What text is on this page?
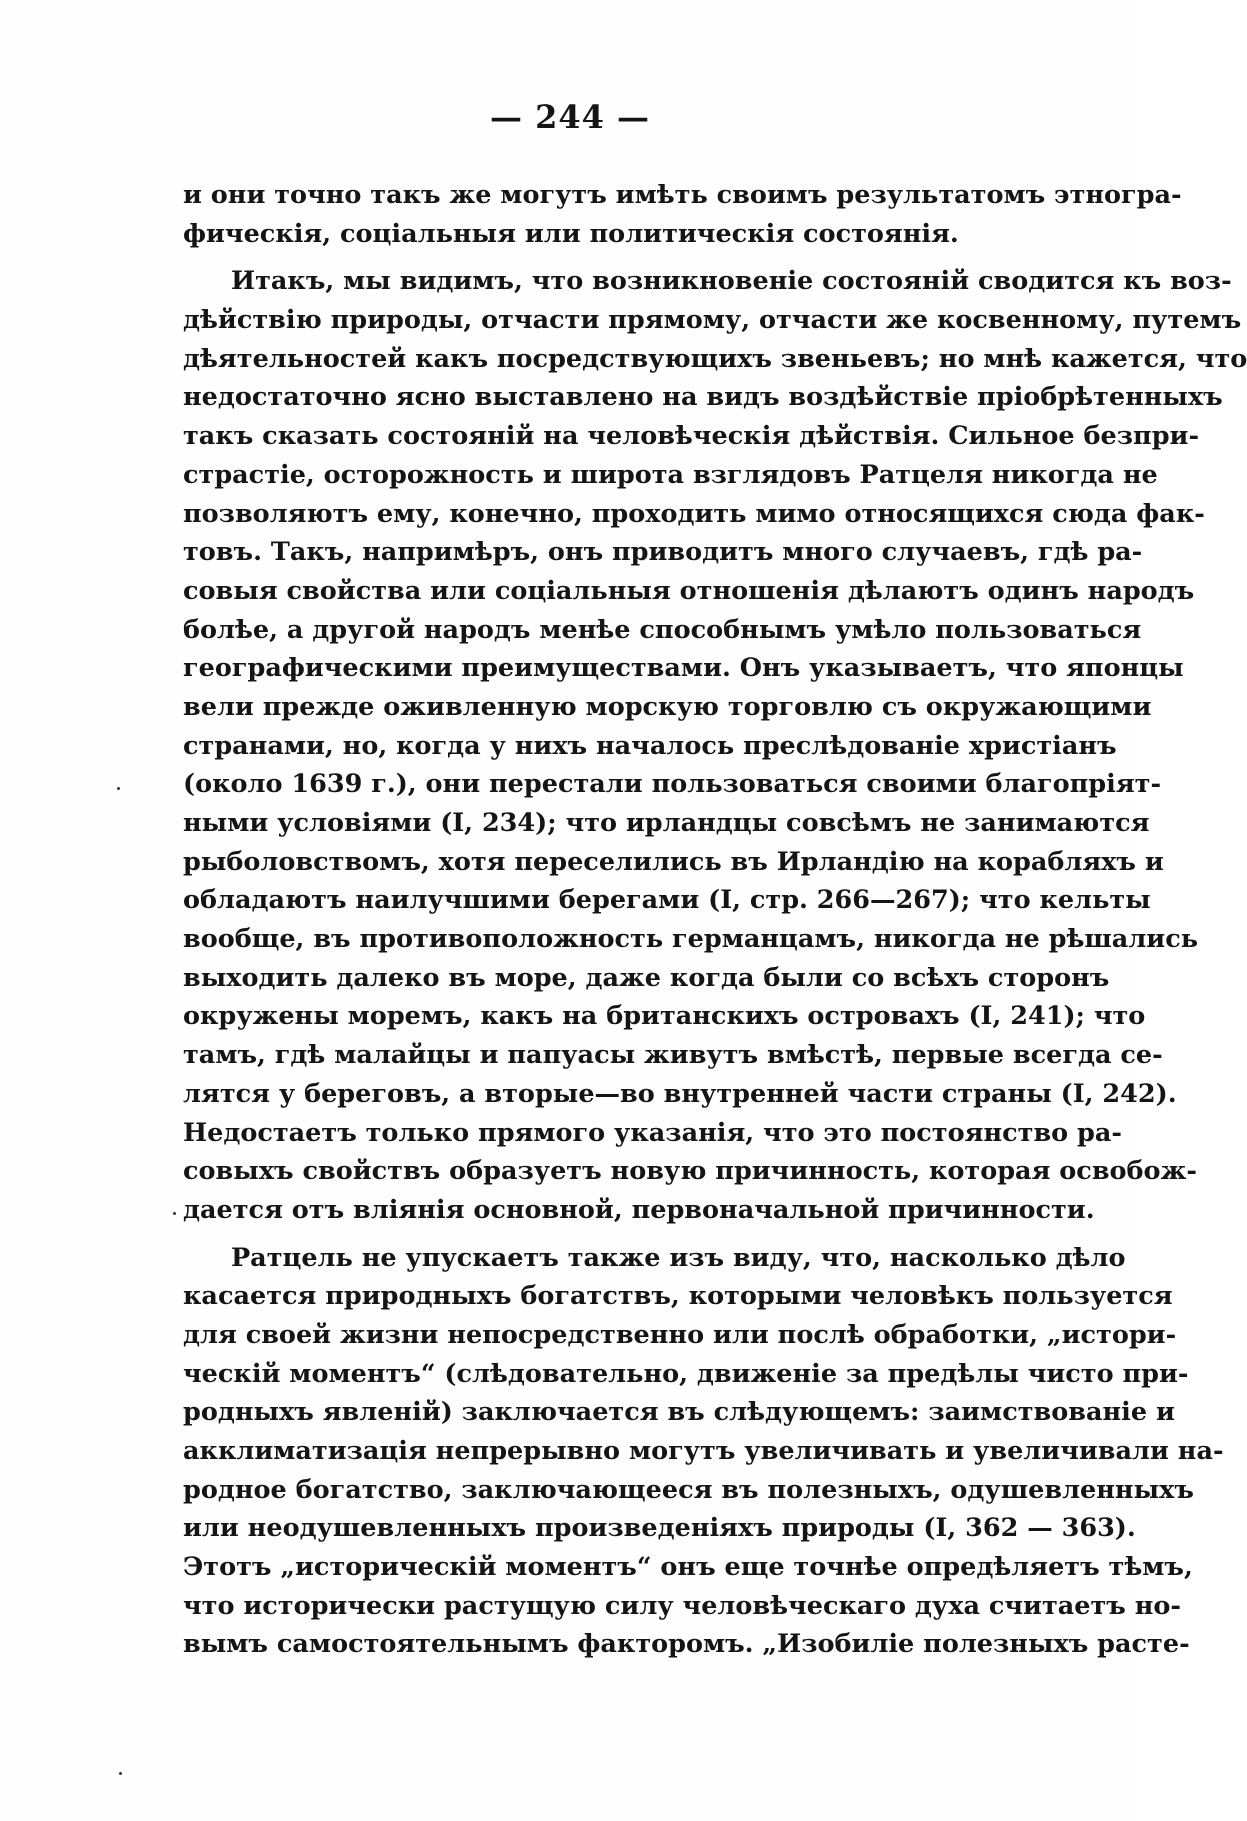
— 244 —
и они точно такъ же могутъ имѣть своимъ результатомъ этногра-
фическія, соціальныя или политическія состоянія.
Итакъ, мы видимъ, что возникновеніе состояній сводится къ воз-
дѣйствію природы, отчасти прямому, отчасти же косвенному, путемъ
дѣятельностей какъ посредствующихъ звеньевъ; но мнѣ кажется, что
недостаточно ясно выставлено на видъ воздѣйствіе пріобрѣтенныхъ
такъ сказать состояній на человѣческія дѣйствія. Сильное безпри-
страстіе, осторожность и широта взглядовъ Ратцеля никогда не
позволяютъ ему, конечно, проходить мимо относящихся сюда фак-
товъ. Такъ, напримѣръ, онъ приводитъ много случаевъ, гдѣ ра-
совыя свойства или соціальныя отношенія дѣлаютъ одинъ народъ
болѣе, а другой народъ менѣе способнымъ умѣло пользоваться
географическими преимуществами. Онъ указываетъ, что японцы
вели прежде оживленную морскую торговлю съ окружающими
странами, но, когда у нихъ началось преслѣдованіе христіанъ
(около 1639 г.), они перестали пользоваться своими благопріят-
ными условіями (I, 234); что ирландцы совсѣмъ не занимаются
рыболовствомъ, хотя переселились въ Ирландію на корабляхъ и
обладаютъ наилучшими берегами (I, стр. 266—267); что кельты
вообще, въ противоположность германцамъ, никогда не рѣшались
выходить далеко въ море, даже когда были со всѣхъ сторонъ
окружены моремъ, какъ на британскихъ островахъ (I, 241); что
тамъ, гдѣ малайцы и папуасы живутъ вмѣстѣ, первые всегда се-
лятся у береговъ, а вторые—во внутренней части страны (I, 242).
Недостаетъ только прямого указанія, что это постоянство ра-
совыхъ свойствъ образуетъ новую причинность, которая освобож-
дается отъ вліянія основной, первоначальной причинности.
Ратцель не упускаетъ также изъ виду, что, насколько дѣло
касается природныхъ богатствъ, которыми человѣкъ пользуется
для своей жизни непосредственно или послѣ обработки, „истори-
ческій моментъ“ (слѣдовательно, движеніе за предѣлы чисто при-
родныхъ явленій) заключается въ слѣдующемъ: заимствованіе и
акклиматизація непрерывно могутъ увеличивать и увеличивали на-
родное богатство, заключающееся въ полезныхъ, одушевленныхъ
или неодушевленныхъ произведеніяхъ природы (I, 362 — 363).
Этотъ „историческій моментъ“ онъ еще точнѣе опредѣляетъ тѣмъ,
что исторически растущую силу человѣческаго духа считаетъ но-
вымъ самостоятельнымъ факторомъ. „Изобиліе полезныхъ расте-
